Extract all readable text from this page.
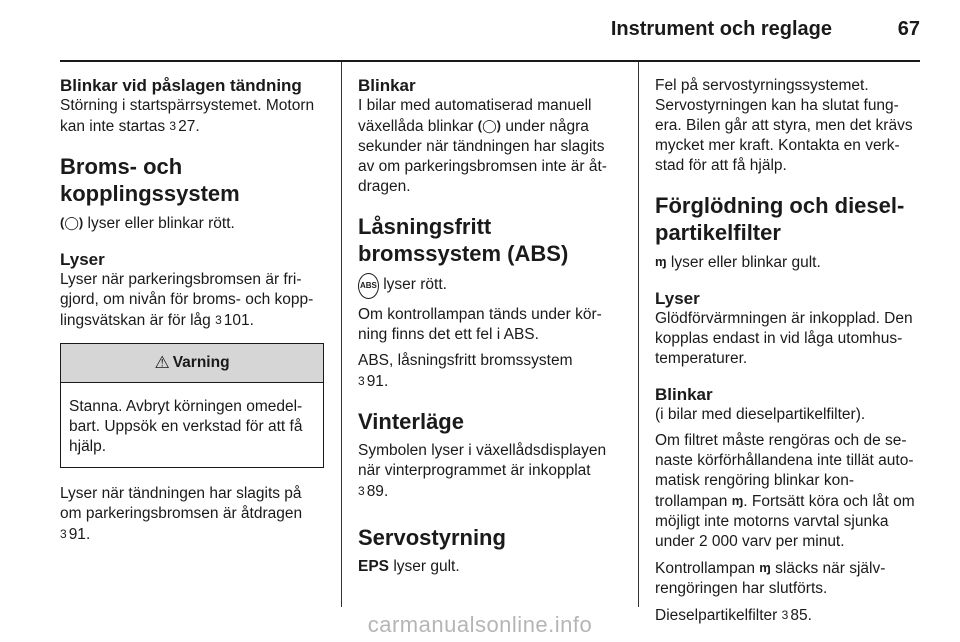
Instrument och reglage	67

Blinkar vid påslagen tändning

Störning i startspärrsystemet. Motorn kan inte startas 3 27.

Broms- och kopplingssystem

(◯) lyser eller blinkar rött.

Lyser

Lyser när parkeringsbromsen är fri-gjord, om nivån för broms- och kopp-lingsvätskan är för låg 3 101.

⚠ Varning
Stanna. Avbryt körningen omedel-bart. Uppsök en verkstad för att få hjälp.

Lyser när tändningen har slagits på om parkeringsbromsen är åtdragen
3 91.

Blinkar

I bilar med automatiserad manuell växellåda blinkar (◯) under några sekunder när tändningen har slagits av om parkeringsbromsen inte är åt-dragen.

Låsningsfritt bromssystem (ABS)

ABS lyser rött.

Om kontrollampan tänds under kör-ning finns det ett fel i ABS.

ABS, låsningsfritt bromssystem
3 91.

Vinterläge

Symbolen lyser i växellådsdisplayen när vinterprogrammet är inkopplat
3 89.

Servostyrning

EPS lyser gult.

Fel på servostyrningssystemet. Servostyrningen kan ha slutat fung-era. Bilen går att styra, men det krävs mycket mer kraft. Kontakta en verk-stad för att få hjälp.

Förglödning och diesel-partikelfilter

ɱ lyser eller blinkar gult.

Lyser

Glödförvärmningen är inkopplad. Den kopplas endast in vid låga utomhus-temperaturer.

Blinkar

(i bilar med dieselpartikelfilter).

Om filtret måste rengöras och de se-naste körförhållandena inte tillät auto-matisk rengöring blinkar kon-trollampan ɱ. Fortsätt köra och låt om möjligt inte motorns varvtal sjunka under 2 000 varv per minut.

Kontrollampan ɱ släcks när själv-rengöringen har slutförts.

Dieselpartikelfilter 3 85.

carmanualsonline.info
